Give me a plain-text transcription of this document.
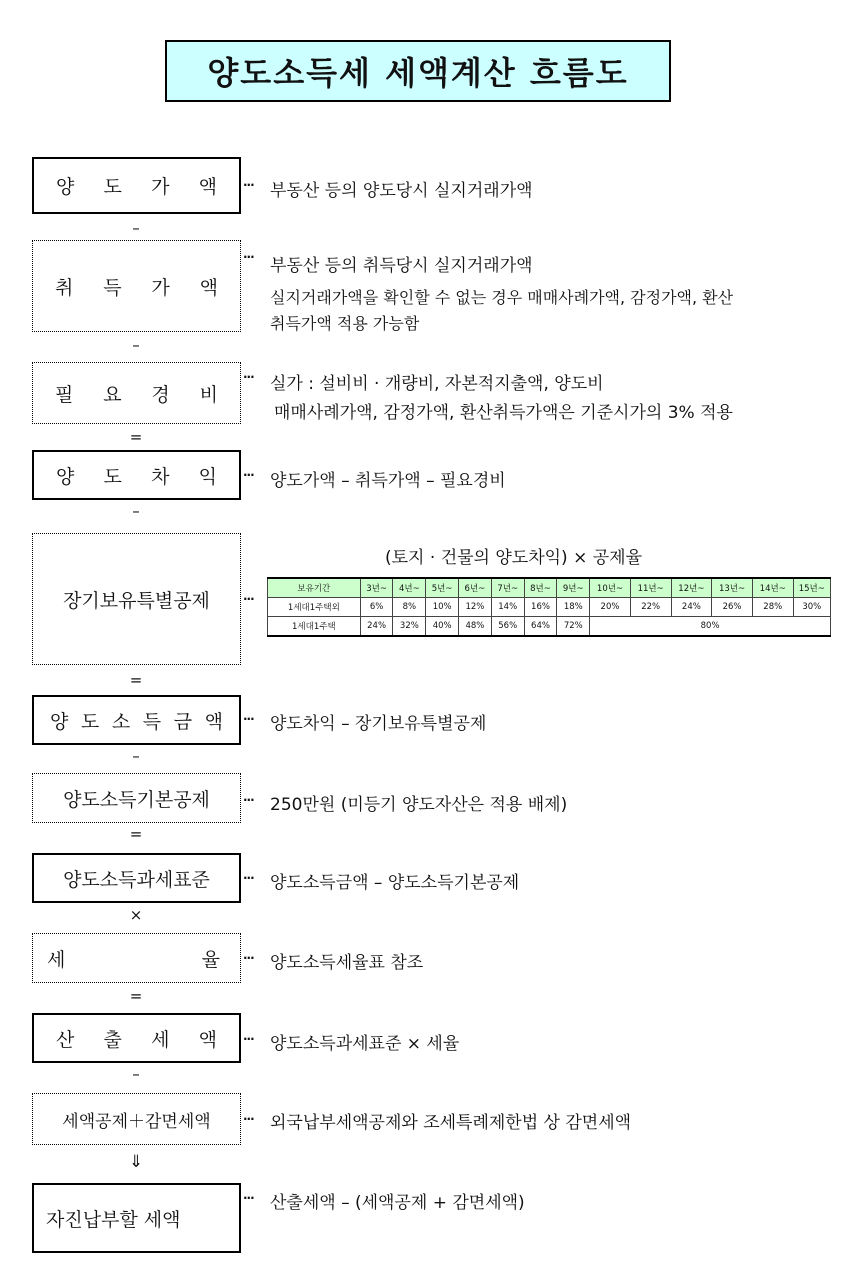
양도소득세 세액계산 흐름도
양 도 가 액 ··· 부동산 등의 양도당시 실지거래가액
–
취 득 가 액
··· 부동산 등의 취득당시 실지거래가액
실지거래가액을 확인할 수 없는 경우 매매사례가액, 감정가액, 환산
취득가액 적용 가능함
–
필 요 경 비
··· 실가 : 설비비 · 개량비, 자본적지출액, 양도비
매매사례가액, 감정가액, 환산취득가액은 기준시가의 3% 적용
=
양 도 차 익 ··· 양도가액 – 취득가액 – 필요경비
–
장기보유특별공제	···
(토지 · 건물의 양도차익) × 공제율
보유기간	3년~	4년~	5년~	6년~	7년~	8년~	9년~	10년~	11년~	12년~	13년~	14년~	15년~
1세대1주택외	6%	8%	10%	12%	14%	16%	18%	20%	22%	24%	26%	28%	30%
1세대1주택	24%	32%	40%	48%	56%	64%	72%	80%					
=
양 도 소 득 금 액 ··· 양도차익 – 장기보유특별공제
–
양도소득기본공제	··· 250만원 (미등기 양도자산은 적용 배제)
=
양도소득과세표준	··· 양도소득금액 – 양도소득기본공제
×
세	율 ··· 양도소득세율표 참조
=
산 출 세 액 ··· 양도소득과세표준 × 세율
–
세액공제＋감면세액	··· 외국납부세액공제와 조세특례제한법 상 감면세액
⇓
자진납부할 세액
··· 산출세액 – (세액공제 + 감면세액)
